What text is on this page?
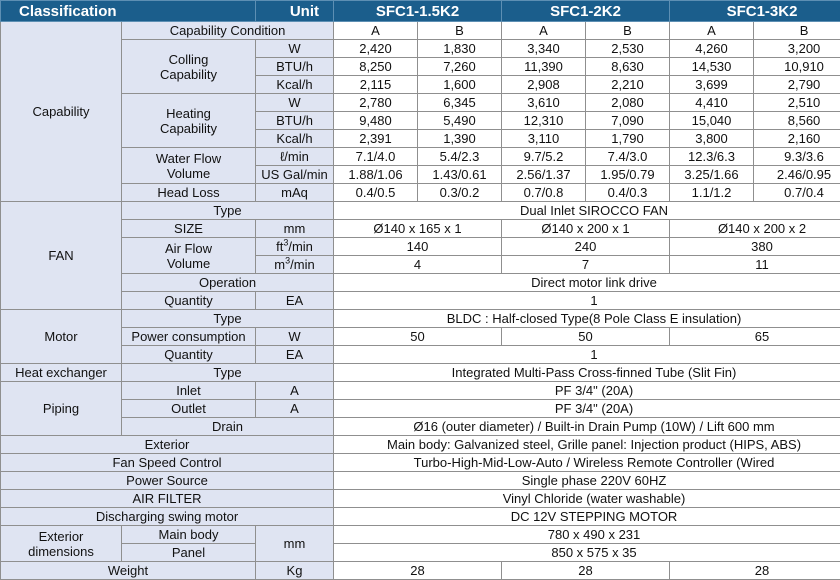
Classification		Unit	SFC1-1.5K2		SFC1-2K2		SFC1-3K2	
Capability	Capability Condition		A	B	A	B	A	B

	Colling
Capability	W	2,420	1,830	3,340	2,530	4,260	3,200
		BTU/h	8,250	7,260	11,390	8,630	14,530	10,910
		Kcal/h	2,115	1,600	2,908	2,210	3,699	2,790

	Heating
Capability	W	2,780	6,345	3,610	2,080	4,410	2,510
		BTU/h	9,480	5,490	12,310	7,090	15,040	8,560
		Kcal/h	2,391	1,390	3,110	1,790	3,800	2,160

	Water Flow
Volume	ℓ/min	7.1/4.0	5.4/2.3	9.7/5.2	7.4/3.0	12.3/6.3	9.3/3.6
		US Gal/min	1.88/1.06	1.43/0.61	2.56/1.37	1.95/0.79	3.25/1.66	2.46/0.95
	Head Loss	mAq	0.4/0.5	0.3/0.2	0.7/0.8	0.4/0.3	1.1/1.2	0.7/0.4
FAN	Type		Dual Inlet SIROCCO FAN					
	SIZE	mm	Ø140 x 165 x 1		Ø140 x 200 x 1		Ø140 x 200 x 2	

	Air Flow
Volume	$ft^3/\min$	140		240		380	
		$m^3/\min$	4		7		11	
	Operation		Direct motor link drive					
	Quantity	EA	1					
Motor	Type		BLDC : Half-closed Type(8 Pole Class E insulation)					
	Power consumption	W	50		50		65	
	Quantity	EA	1					
Heat exchanger	Type		Integrated Multi-Pass Cross-finned Tube (Slit Fin)					
Piping	Inlet	A	PF 3/4" (20A)					
	Outlet	A	PF 3/4" (20A)					
	Drain		Ø16 (outer diameter) / Built-in Drain Pump (10W) / Lift 600 mm					
Exterior			Main body: Galvanized steel, Grille panel: Injection product (HIPS, ABS)					
Fan Speed Control			Turbo-High-Mid-Low-Auto / Wireless Remote Controller (Wired					
Power Source			Single phase 220V 60HZ					
AIR FILTER			Vinyl Chloride (water washable)					
Discharging swing motor			DC 12V STEPPING MOTOR					

Exterior
dimensions	Main body	mm	780 x 490 x 231					
	Panel		850 x 575 x 35					
Weight		Kg	28		28		28	
